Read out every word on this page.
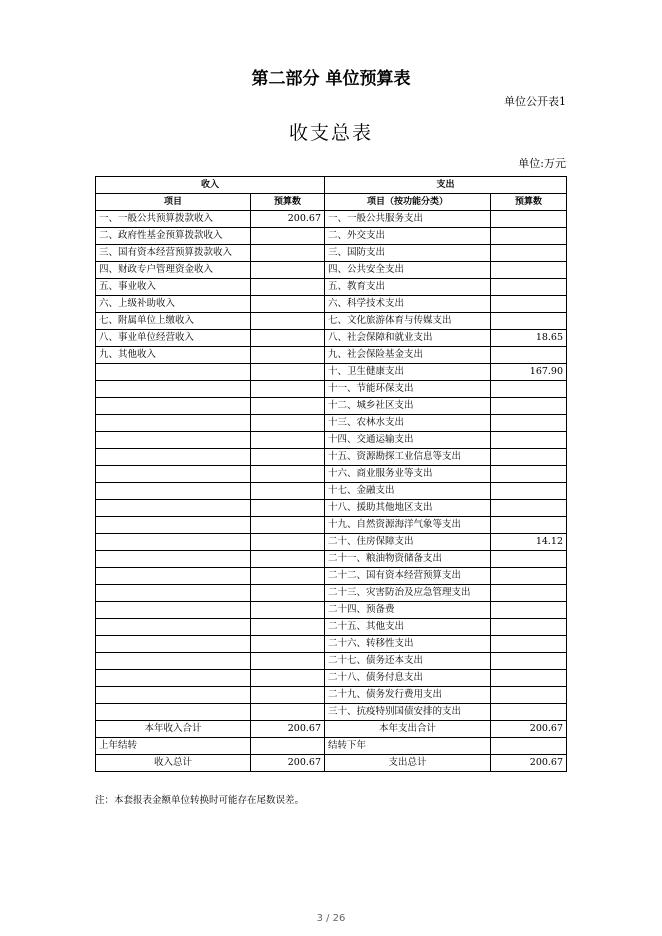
第二部分 单位预算表
单位公开表1
收支总表
单位:万元
收入		支出	
项目	预算数	项目（按功能分类）	预算数
一、一般公共预算拨款收入	200.67	一、一般公共服务支出	
二、政府性基金预算拨款收入		二、外交支出	
三、国有资本经营预算拨款收入		三、国防支出	
四、财政专户管理资金收入		四、公共安全支出	
五、事业收入		五、教育支出	
六、上级补助收入		六、科学技术支出	
七、附属单位上缴收入		七、文化旅游体育与传媒支出	
八、事业单位经营收入		八、社会保障和就业支出	18.65
九、其他收入		九、社会保险基金支出	
		十、卫生健康支出	167.90
		十一、节能环保支出	
		十二、城乡社区支出	
		十三、农林水支出	
		十四、交通运输支出	
		十五、资源勘探工业信息等支出	
		十六、商业服务业等支出	
		十七、金融支出	
		十八、援助其他地区支出	
		十九、自然资源海洋气象等支出	
		二十、住房保障支出	14.12
		二十一、粮油物资储备支出	
		二十二、国有资本经营预算支出	
		二十三、灾害防治及应急管理支出	
		二十四、预备费	
		二十五、其他支出	
		二十六、转移性支出	
		二十七、债务还本支出	
		二十八、债务付息支出	
		二十九、债务发行费用支出	
		三十、抗疫特别国债安排的支出	
本年收入合计	200.67	本年支出合计	200.67
上年结转		结转下年	
收入总计	200.67	支出总计	200.67
注：本套报表金额单位转换时可能存在尾数误差。
3 / 26
